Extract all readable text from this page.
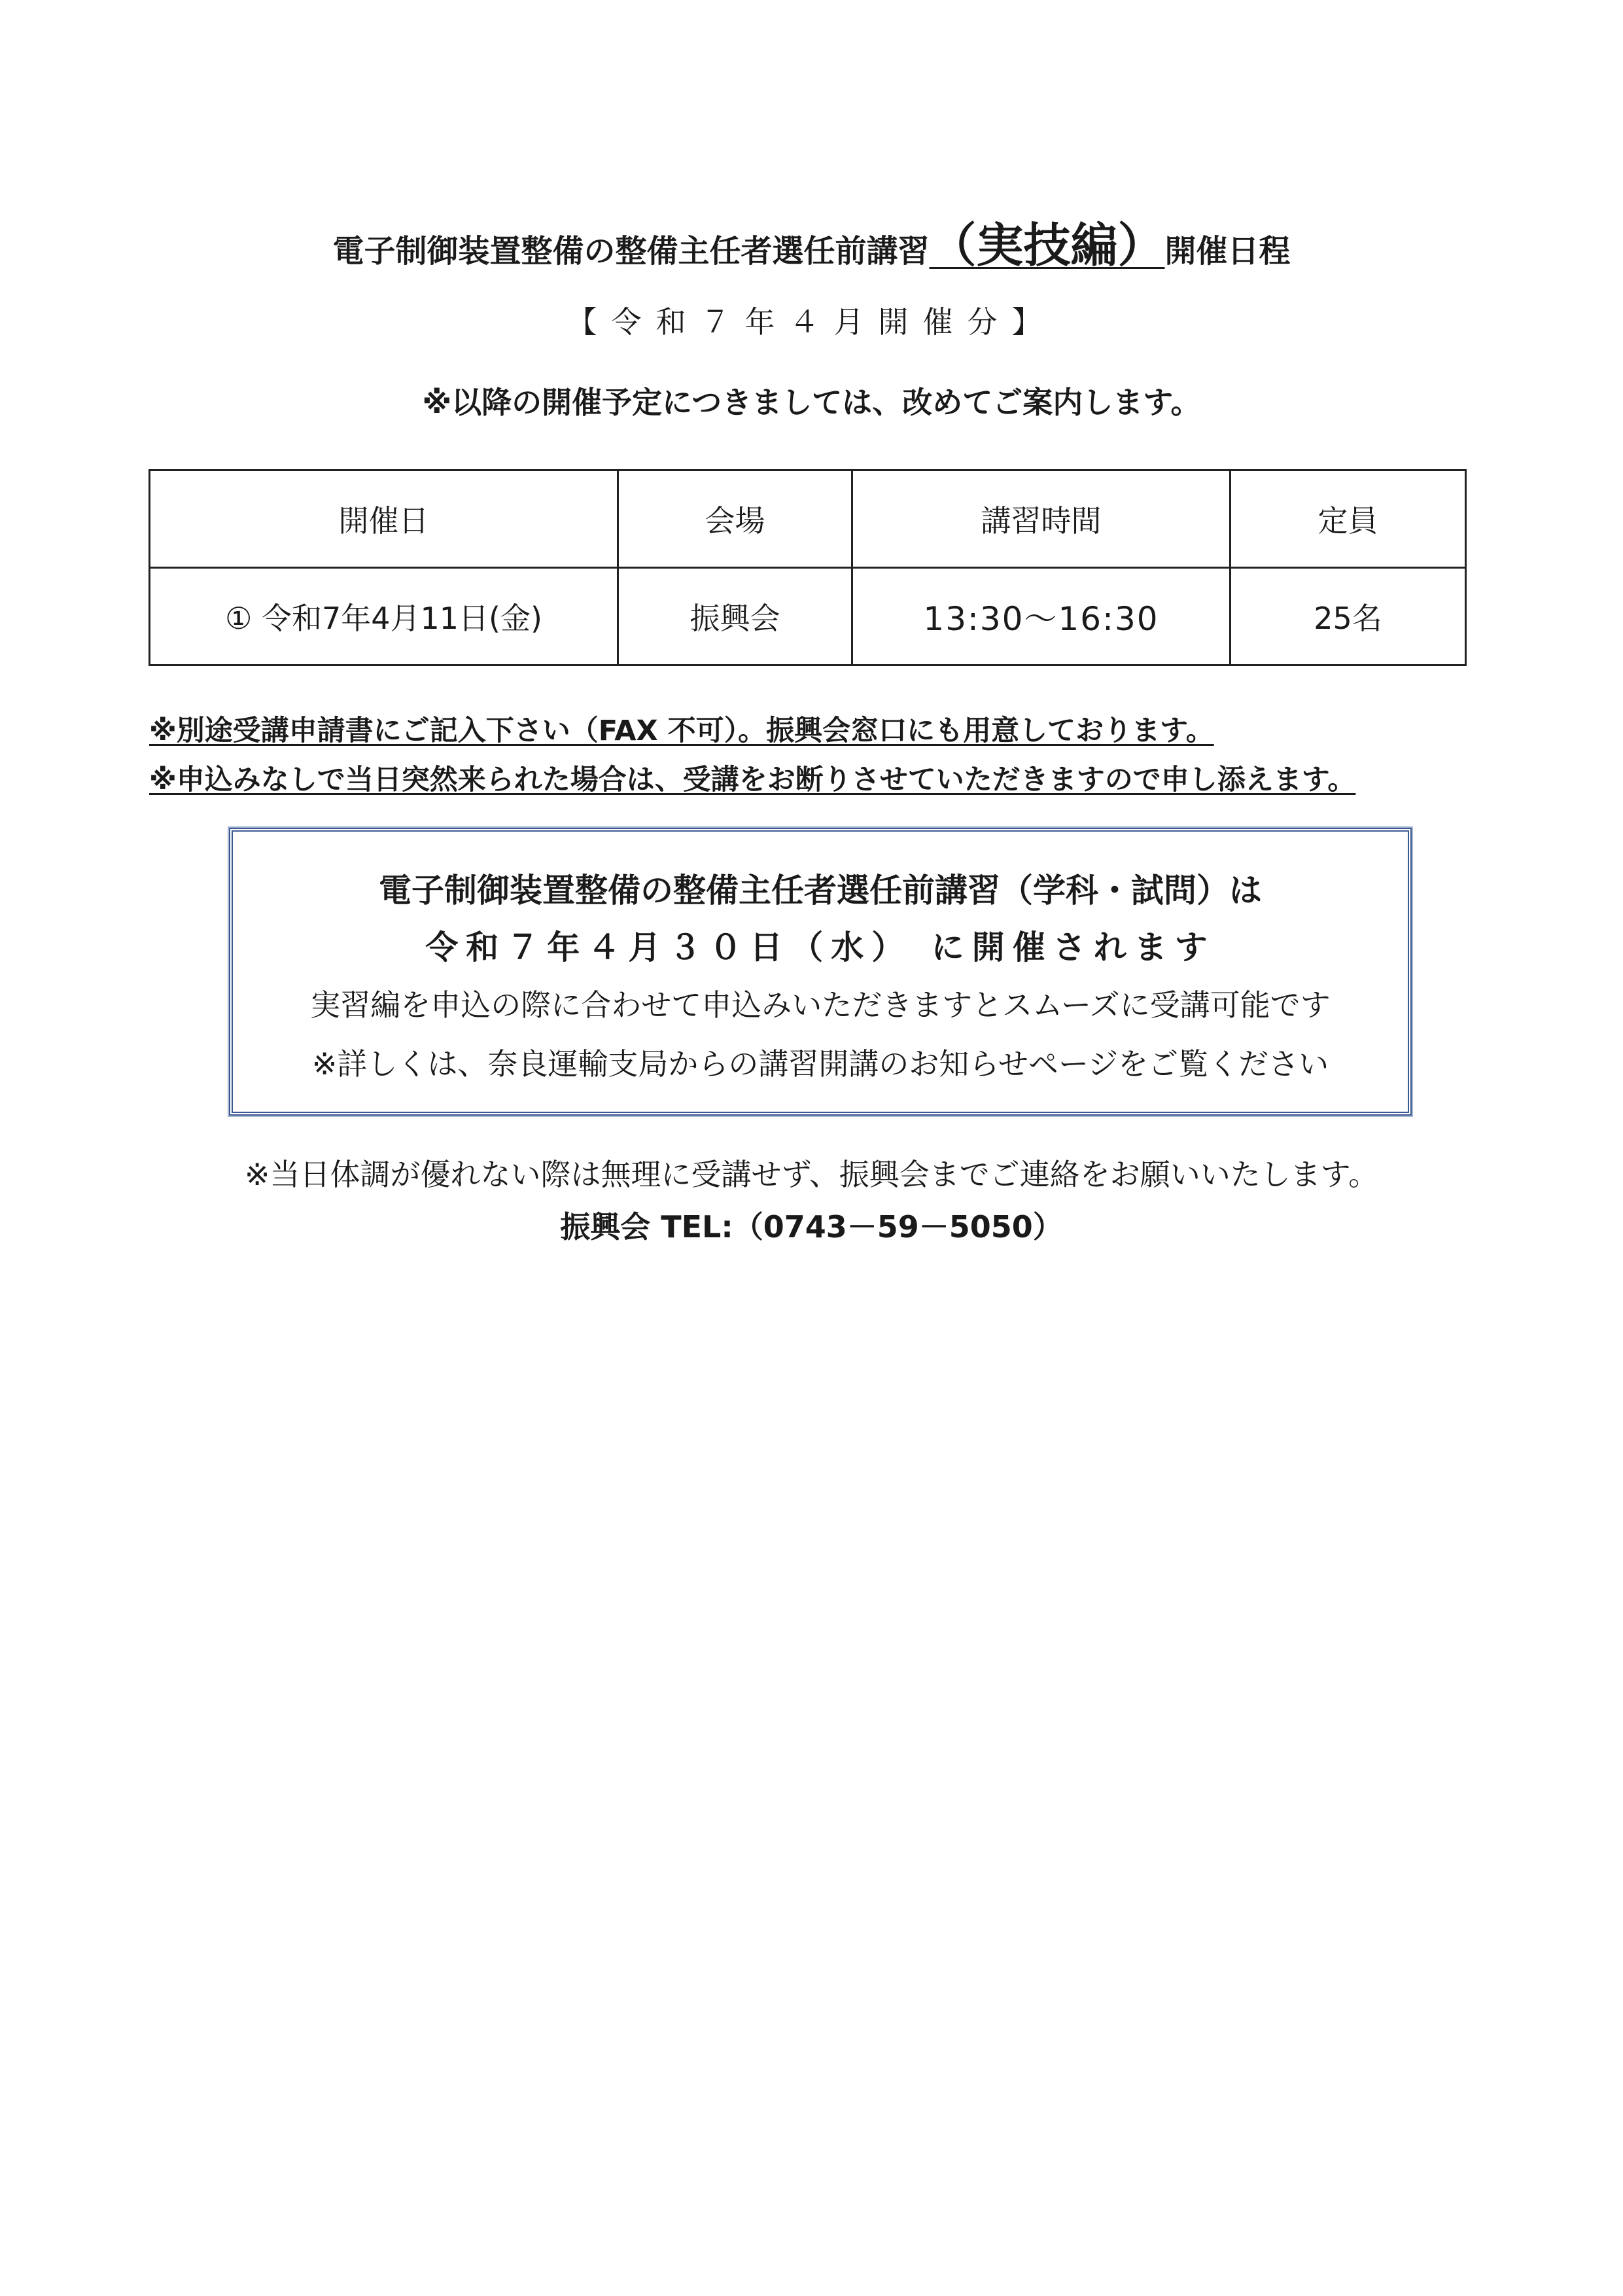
電子制御装置整備の整備主任者選任前講習（実技編）開催日程
【令和７年４月開催分】
※以降の開催予定につきましては、改めてご案内します。
開催日	会場	講習時間	定員
① 令和7年4月11日(金)	振興会	13:30～16:30	25名
※別途受講申請書にご記入下さい（FAX 不可）。振興会窓口にも用意しております。
※申込みなしで当日突然来られた場合は、受講をお断りさせていただきますので申し添えます。
電子制御装置整備の整備主任者選任前講習（学科・試問）は
令和７年４月３０日（水） に開催されます
実習編を申込の際に合わせて申込みいただきますとスムーズに受講可能です
※詳しくは、奈良運輸支局からの講習開講のお知らせページをご覧ください
※当日体調が優れない際は無理に受講せず、振興会までご連絡をお願いいたします。
振興会 TEL:（0743－59－5050）
